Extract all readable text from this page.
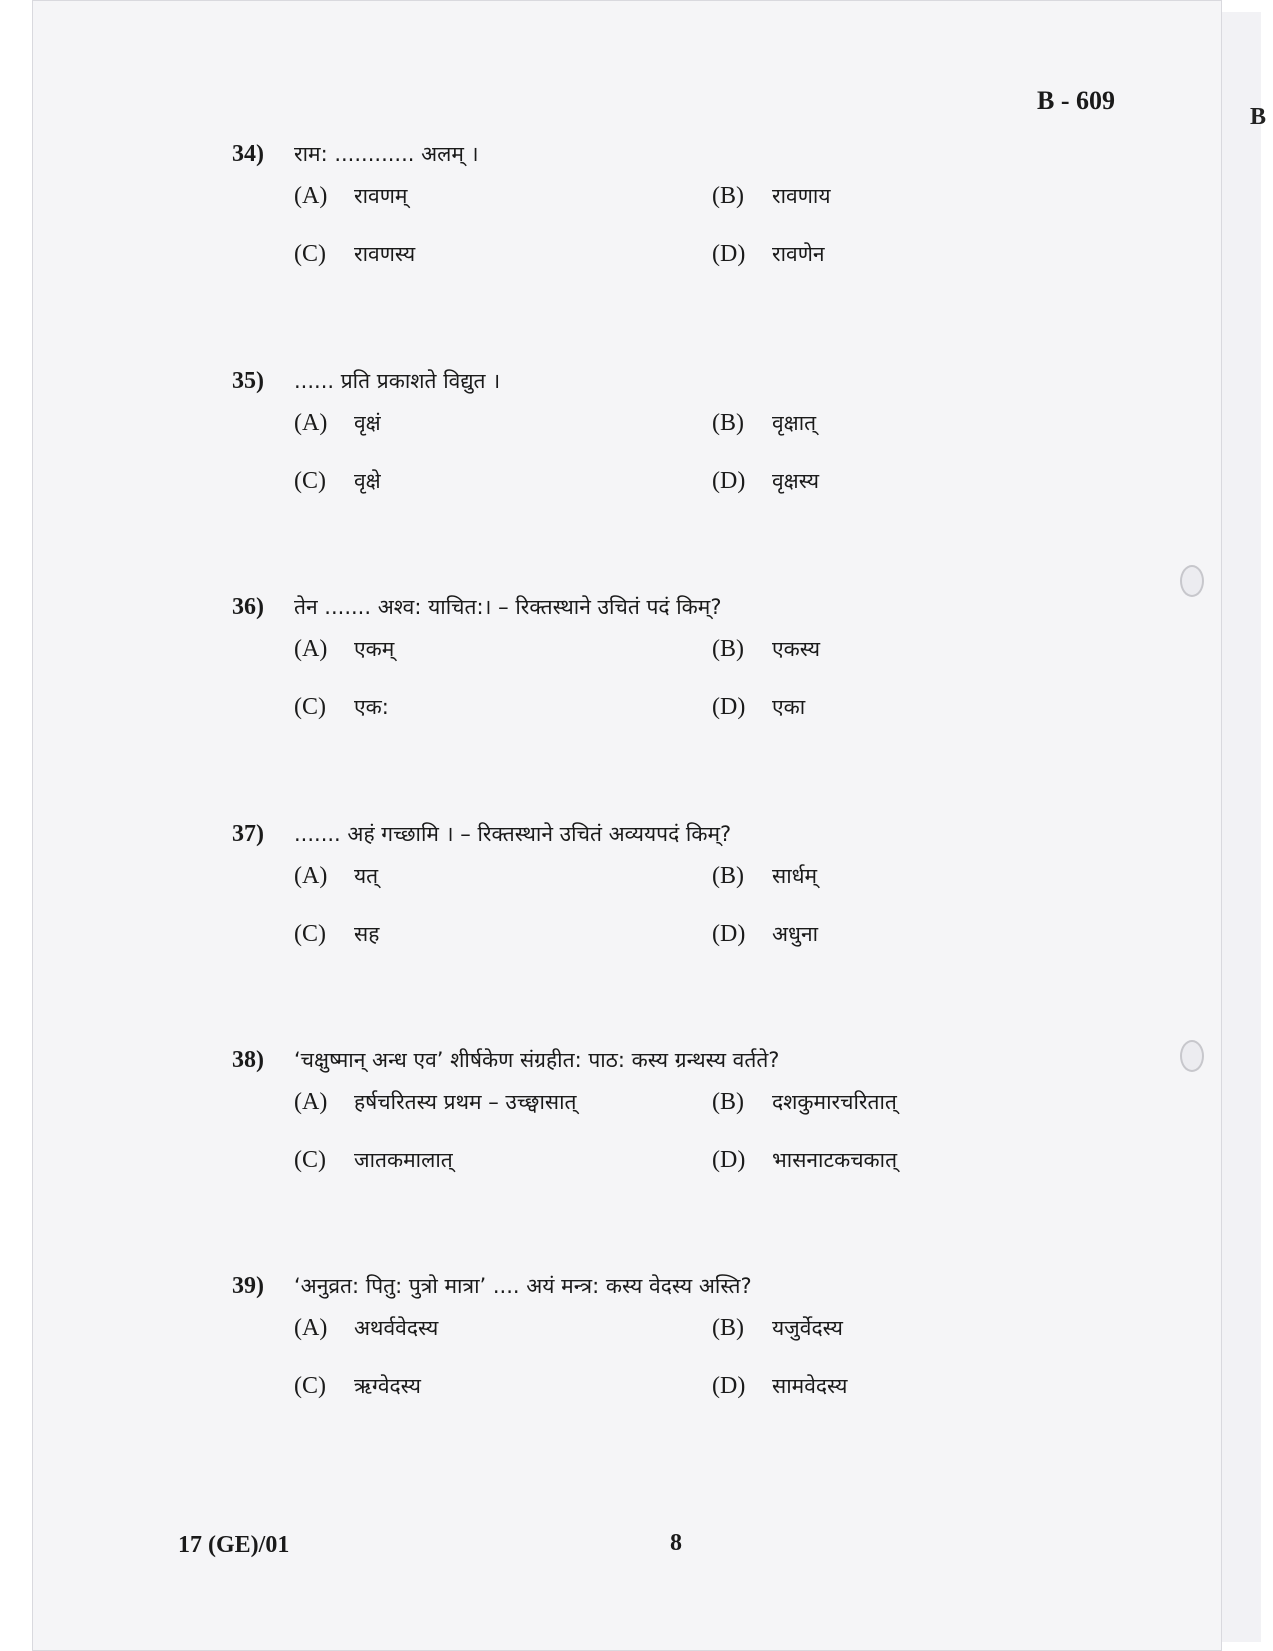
B
B - 609
34)	राम: ............ अलम् ।
(A)	रावणम्	(B)	रावणाय
(C)	रावणस्य	(D)	रावणेन
35)	...... प्रति प्रकाशते विद्युत ।
(A)	वृक्षं	(B)	वृक्षात्
(C)	वृक्षे	(D)	वृक्षस्य
36)	तेन ....... अश्व: याचित:। – रिक्तस्थाने उचितं पदं किम्?
(A)	एकम्	(B)	एकस्य
(C)	एक:	(D)	एका
37)	....... अहं गच्छामि । – रिक्तस्थाने उचितं अव्ययपदं किम्?
(A)	यत्	(B)	सार्धम्
(C)	सह	(D)	अधुना
38)	‘चक्षुष्मान् अन्ध एव’ शीर्षकेण संग्रहीत: पाठ: कस्य ग्रन्थस्य वर्तते?
(A)	हर्षचरितस्य प्रथम – उच्छ्वासात्	(B)	दशकुमारचरितात्
(C)	जातकमालात्	(D)	भासनाटकचकात्
39)	‘अनुव्रत: पितु: पुत्रो मात्रा’ .... अयं मन्त्र: कस्य वेदस्य अस्ति?
(A)	अथर्ववेदस्य	(B)	यजुर्वेदस्य
(C)	ऋग्वेदस्य	(D)	सामवेदस्य
17 (GE)/01	8
